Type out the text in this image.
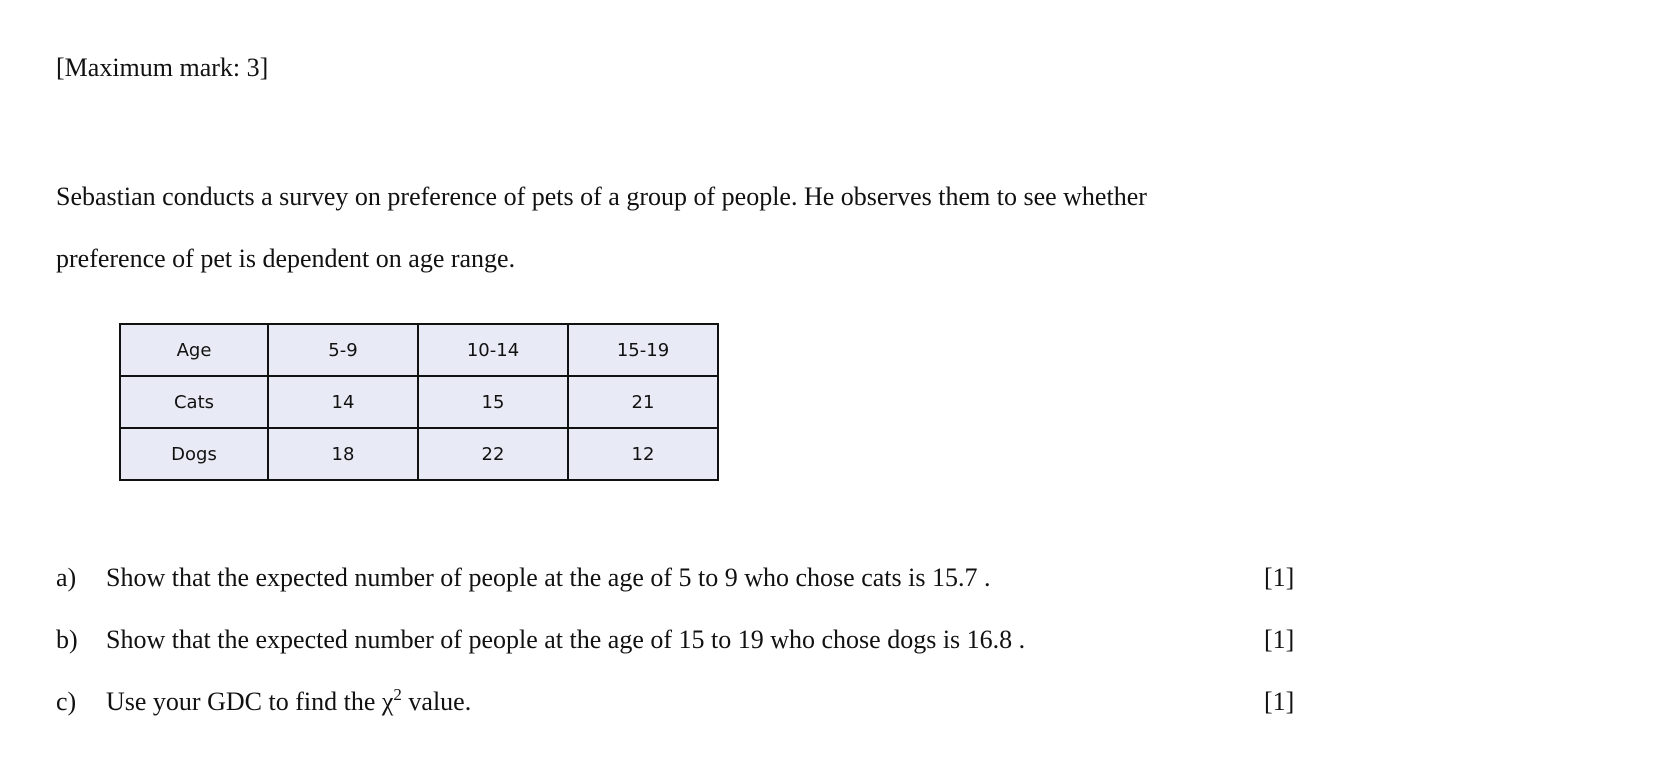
[Maximum mark: 3]

Sebastian conducts a survey on preference of pets of a group of people. He observes them to see whether

preference of pet is dependent on age range.

Age	5-9	10-14	15-19
Cats	14	15	21
Dogs	18	22	12
a) Show that the expected number of people at the age of 5 to 9 who chose cats is 15.7 .	[1]
b) Show that the expected number of people at the age of 15 to 19 who chose dogs is 16.8 .	[1]
c) Use your GDC to find the $\chi^2$ value.	[1]
